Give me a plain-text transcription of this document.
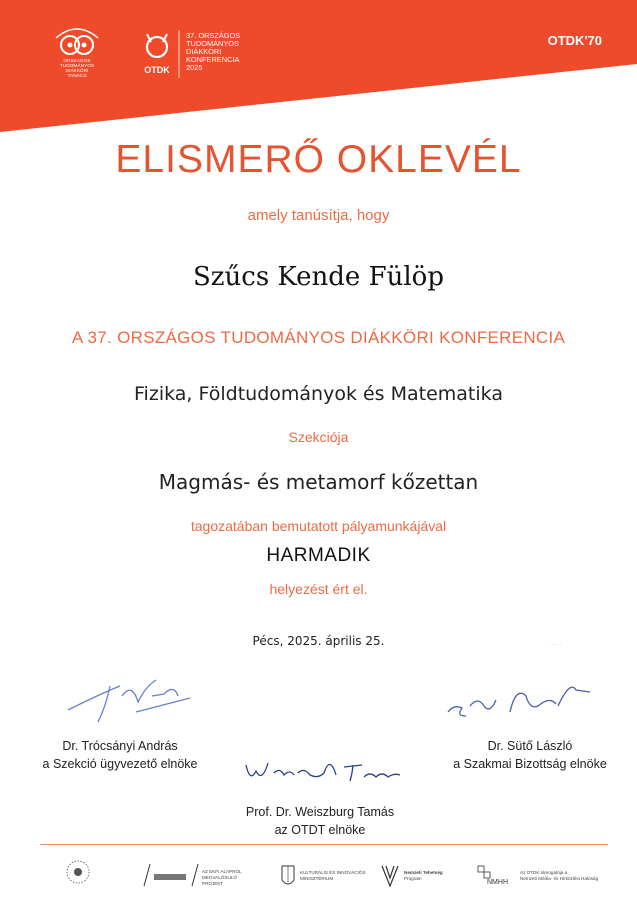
ORSZÁGOS
TUDOMÁNYOS
DIÁKKÖRI
TANÁCS
OTDK
37. ORSZÁGOS
TUDOMÁNYOS
DIÁKKÖRI
KONFERENCIA
2025
OTDK'70
ELISMERŐ OKLEVÉL
amely tanúsítja, hogy
Szűcs Kende Fülöp
A 37. ORSZÁGOS TUDOMÁNYOS DIÁKKÖRI KONFERENCIA
Fizika, Földtudományok és Matematika
Szekciója
Magmás- és metamorf kőzettan
tagozatában bemutatott pályamunkájával
HARMADIK
helyezést ért el.
Pécs, 2025. április 25.	· ·· ·
Dr. Trócsányi András
a Szekció ügyvezető elnöke
Dr. Sütő László
a Szakmai Bizottság elnöke
Prof. Dr. Weiszburg Tamás
az OTDT elnöke
AZ EKFI ALAPRÓL
MEGVALÓSULÓ
PROJEKT
KULTURÁLIS ÉS INNOVÁCIÓS
MINISZTÉRIUM
Nemzeti Tehetség
Program
NMHH
Az OTDK támogatója a
Nemzeti Média- és Hírközlési Hatóság
